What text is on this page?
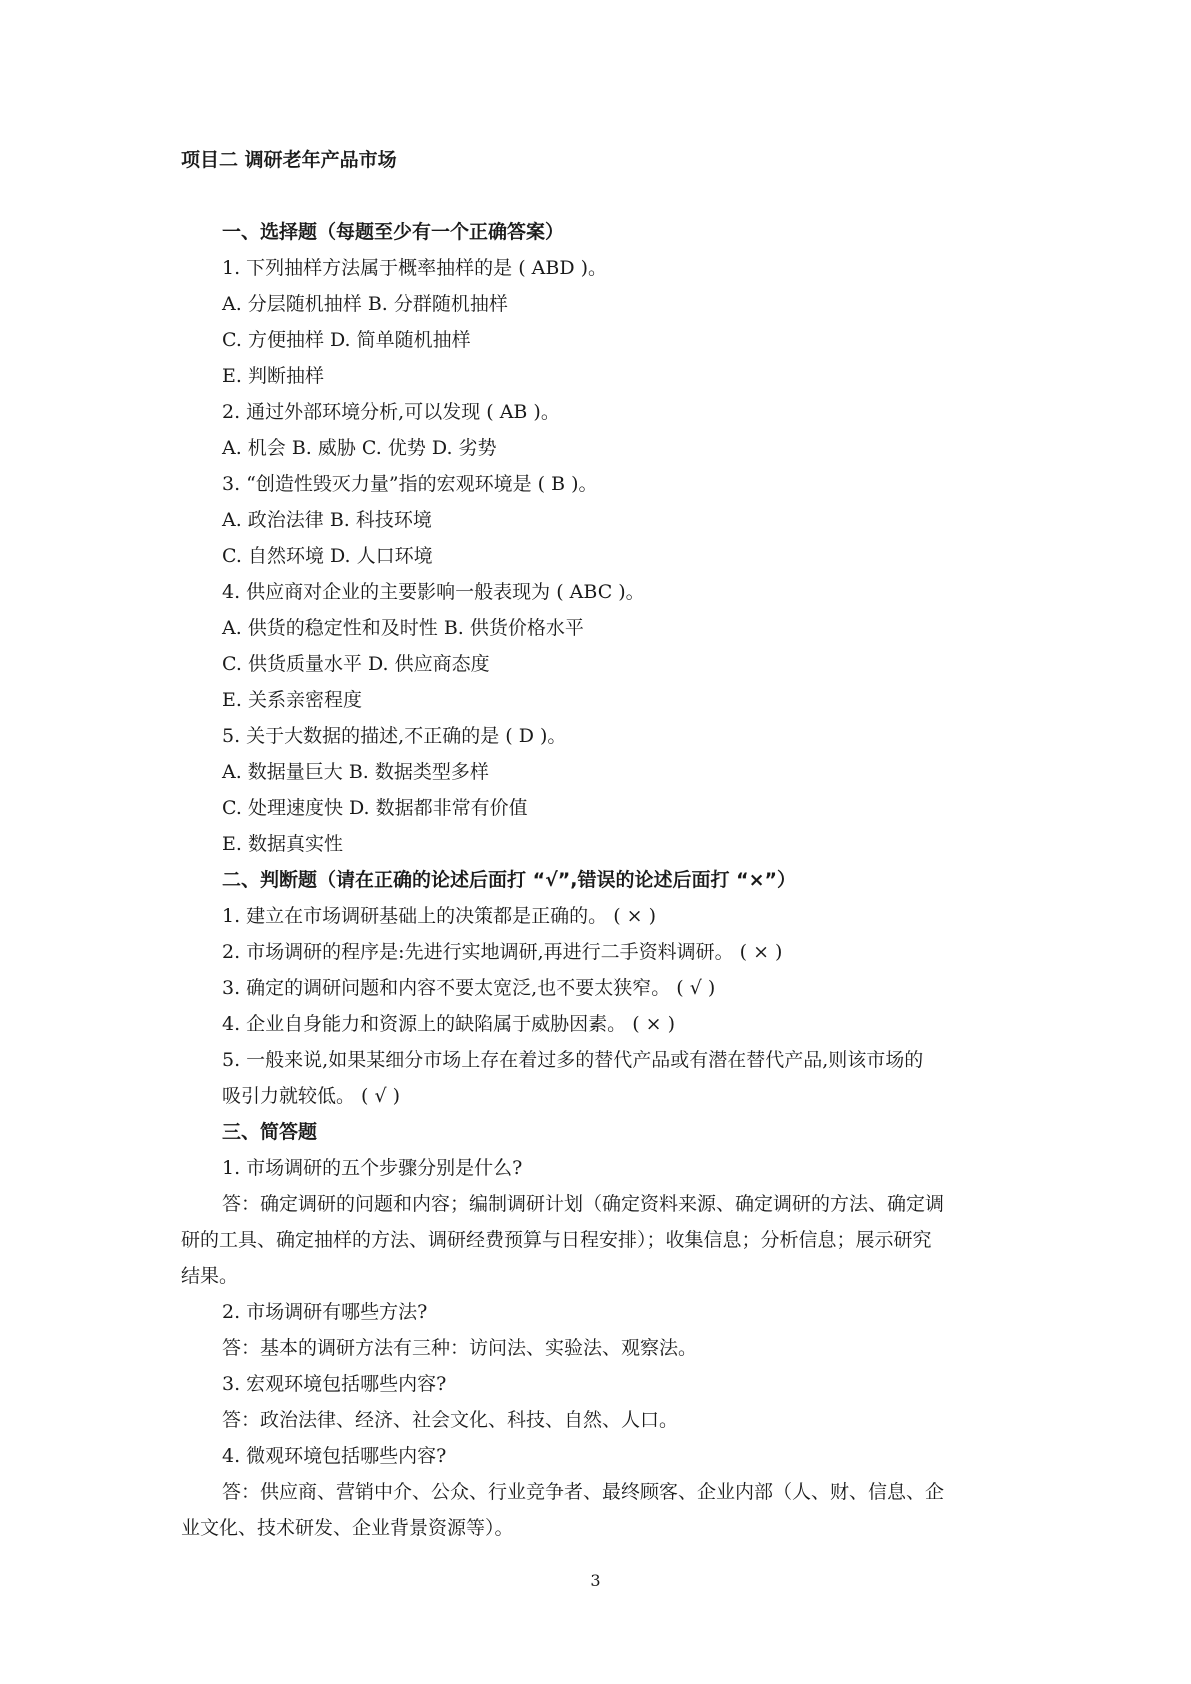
项目二 调研老年产品市场
一、选择题（每题至少有一个正确答案）
1. 下列抽样方法属于概率抽样的是 ( ABD )。
A. 分层随机抽样 B. 分群随机抽样
C. 方便抽样 D. 简单随机抽样
E. 判断抽样
2. 通过外部环境分析,可以发现 ( AB )。
A. 机会 B. 威胁 C. 优势 D. 劣势
3. “创造性毁灭力量”指的宏观环境是 ( B )。
A. 政治法律 B. 科技环境
C. 自然环境 D. 人口环境
4. 供应商对企业的主要影响一般表现为 ( ABC )。
A. 供货的稳定性和及时性 B. 供货价格水平
C. 供货质量水平 D. 供应商态度
E. 关系亲密程度
5. 关于大数据的描述,不正确的是 ( D )。
A. 数据量巨大 B. 数据类型多样
C. 处理速度快 D. 数据都非常有价值
E. 数据真实性
二、判断题（请在正确的论述后面打 “√”,错误的论述后面打 “×”）
1. 建立在市场调研基础上的决策都是正确的。 ( × )
2. 市场调研的程序是:先进行实地调研,再进行二手资料调研。 ( × )
3. 确定的调研问题和内容不要太宽泛,也不要太狭窄。 ( √ )
4. 企业自身能力和资源上的缺陷属于威胁因素。 ( × )
5. 一般来说,如果某细分市场上存在着过多的替代产品或有潜在替代产品,则该市场的
吸引力就较低。 ( √ )
三、简答题
1. 市场调研的五个步骤分别是什么?
答：确定调研的问题和内容；编制调研计划（确定资料来源、确定调研的方法、确定调
研的工具、确定抽样的方法、调研经费预算与日程安排）；收集信息；分析信息；展示研究
结果。
2. 市场调研有哪些方法?
答：基本的调研方法有三种：访问法、实验法、观察法。
3. 宏观环境包括哪些内容?
答：政治法律、经济、社会文化、科技、自然、人口。
4. 微观环境包括哪些内容?
答：供应商、营销中介、公众、行业竞争者、最终顾客、企业内部（人、财、信息、企
业文化、技术研发、企业背景资源等）。
3
